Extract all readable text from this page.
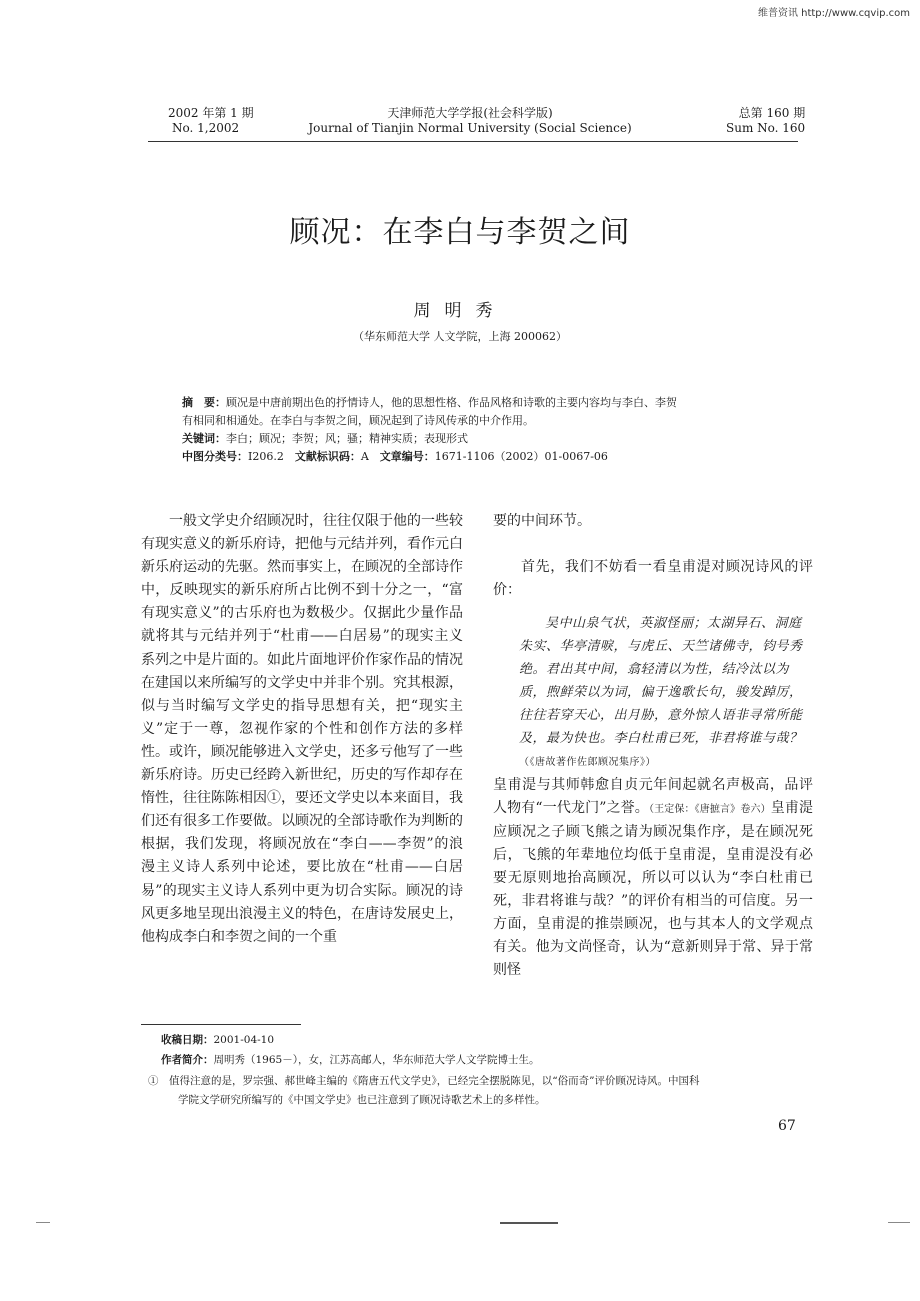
维普资讯 http://www.cqvip.com
2002 年第 1 期
No. 1,2002
天津师范大学学报(社会科学版)
Journal of Tianjin Normal University (Social Science)
总第 160 期
Sum No. 160
顾况：在李白与李贺之间
周明秀
（华东师范大学 人文学院，上海 200062）
摘　要：顾况是中唐前期出色的抒情诗人，他的思想性格、作品风格和诗歌的主要内容均与李白、李贺
有相同和相通处。在李白与李贺之间，顾况起到了诗风传承的中介作用。
关键词：李白；顾况；李贺；风；骚；精神实质；表现形式
中图分类号：I206.2　 文献标识码：A　 文章编号：1671-1106（2002）01-0067-06

一般文学史介绍顾况时，往往仅限于他的一些较有现实意义的新乐府诗，把他与元结并列，看作元白新乐府运动的先驱。然而事实上，在顾况的全部诗作中，反映现实的新乐府所占比例不到十分之一，“富有现实意义”的古乐府也为数极少。仅据此少量作品就将其与元结并列于“杜甫——白居易”的现实主义系列之中是片面的。如此片面地评价作家作品的情况在建国以来所编写的文学史中并非个别。究其根源，似与当时编写文学史的指导思想有关，把“现实主义”定于一尊，忽视作家的个性和创作方法的多样性。或许，顾况能够进入文学史，还多亏他写了一些新乐府诗。历史已经跨入新世纪，历史的写作却存在惰性，往往陈陈相因①，要还文学史以本来面目，我们还有很多工作要做。以顾况的全部诗歌作为判断的根据，我们发现，将顾况放在“李白——李贺”的浪漫主义诗人系列中论述，要比放在“杜甫——白居易”的现实主义诗人系列中更为切合实际。顾况的诗风更多地呈现出浪漫主义的特色，在唐诗发展史上，他构成李白和李贺之间的一个重

要的中间环节。

首先，我们不妨看一看皇甫湜对顾况诗风的评价：

吴中山泉气状，英淑怪丽；太湖异石、洞庭朱实、华亭清唳，与虎丘、天竺诸佛寺，钧号秀绝。君出其中间，翕轻清以为性，结冷汰以为质，煦鲜荣以为词，偏于逸歌长句，骏发踔厉，往往若穿天心，出月胁，意外惊人语非寻常所能及，最为快也。李白杜甫已死，非君将谁与哉？（《唐故著作佐郎顾况集序》）

皇甫湜与其师韩愈自贞元年间起就名声极高，品评人物有“一代龙门”之誉。（王定保：《唐摭言》卷六）皇甫湜应顾况之子顾飞熊之请为顾况集作序，是在顾况死后，飞熊的年辈地位均低于皇甫湜，皇甫湜没有必要无原则地抬高顾况，所以可以认为“李白杜甫已死，非君将谁与哉？”的评价有相当的可信度。另一方面，皇甫湜的推崇顾况，也与其本人的文学观点有关。他为文尚怪奇，认为“意新则异于常、异于常则怪

收稿日期：2001-04-10
作者简介：周明秀（1965－），女，江苏高邮人，华东师范大学人文学院博士生。
①　 值得注意的是，罗宗强、郝世峰主编的《隋唐五代文学史》，已经完全摆脱陈见，以“俗而奇”评价顾况诗风。中国科
学院文学研究所编写的《中国文学史》也已注意到了顾况诗歌艺术上的多样性。
67
